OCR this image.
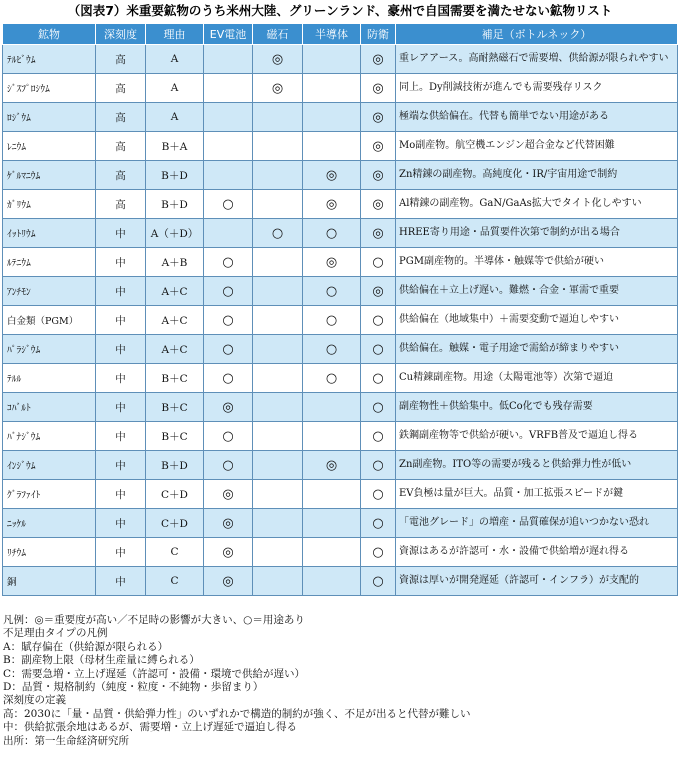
（図表7）米重要鉱物のうち米州大陸、グリーンランド、豪州で自国需要を満たせない鉱物リスト
鉱物	深刻度	理由	EV電池	磁石	半導体	防衛	補足（ボトルネック）
ﾃﾙﾋﾞｳﾑ	高	A		◎		◎	重レアアース。高耐熱磁石で需要増、供給源が限られやすい
ｼﾞｽﾌﾟﾛｼｳﾑ	高	A		◎		◎	同上。Dy削減技術が進んでも需要残存リスク
ﾛｼﾞｳﾑ	高	A				◎	極端な供給偏在。代替も簡単でない用途がある
ﾚﾆｳﾑ	高	B＋A				◎	Mo副産物。航空機エンジン超合金など代替困難
ｹﾞﾙﾏﾆｳﾑ	高	B＋D			◎	◎	Zn精錬の副産物。高純度化・IR/宇宙用途で制約
ｶﾞﾘｳﾑ	高	B＋D	○		◎	◎	Al精錬の副産物。GaN/GaAs拡大でタイト化しやすい
ｲｯﾄﾘｳﾑ	中	A（＋D）		○	○	◎	HREE寄り用途・品質要件次第で制約が出る場合
ﾙﾃﾆｳﾑ	中	A＋B	○		◎	○	PGM副産物的。半導体・触媒等で供給が硬い
ｱﾝﾁﾓﾝ	中	A＋C	○		○	◎	供給偏在＋立上げ遅い。難燃・合金・軍需で重要
白金類（PGM）	中	A＋C	○		○	○	供給偏在（地域集中）＋需要変動で逼迫しやすい
ﾊﾟﾗｼﾞｳﾑ	中	A＋C	○		○	○	供給偏在。触媒・電子用途で需給が締まりやすい
ﾃﾙﾙ	中	B＋C	○		○	○	Cu精錬副産物。用途（太陽電池等）次第で逼迫
ｺﾊﾞﾙﾄ	中	B＋C	◎			○	副産物性＋供給集中。低Co化でも残存需要
ﾊﾞﾅｼﾞｳﾑ	中	B＋C	○			○	鉄鋼副産物等で供給が硬い。VRFB普及で逼迫し得る
ｲﾝｼﾞｳﾑ	中	B＋D	○		◎	○	Zn副産物。ITO等の需要が残ると供給弾力性が低い
ｸﾞﾗﾌｧｲﾄ	中	C＋D	◎			○	EV負極は量が巨大。品質・加工拡張スピードが鍵
ﾆｯｹﾙ	中	C＋D	◎			○	「電池グレード」の増産・品質確保が追いつかない恐れ
ﾘﾁｳﾑ	中	C	◎			○	資源はあるが許認可・水・設備で供給増が遅れ得る
銅	中	C	◎			○	資源は厚いが開発遅延（許認可・インフラ）が支配的
凡例：◎＝重要度が高い／不足時の影響が大きい、○＝用途あり
不足理由タイプの凡例
A：賦存偏在（供給源が限られる）
B：副産物上限（母材生産量に縛られる）
C：需要急増・立上げ遅延（許認可・設備・環境で供給が遅い）
D：品質・規格制約（純度・粒度・不純物・歩留まり）
深刻度の定義
高：2030に「量・品質・供給弾力性」のいずれかで構造的制約が強く、不足が出ると代替が難しい
中：供給拡張余地はあるが、需要増・立上げ遅延で逼迫し得る
出所：第一生命経済研究所
